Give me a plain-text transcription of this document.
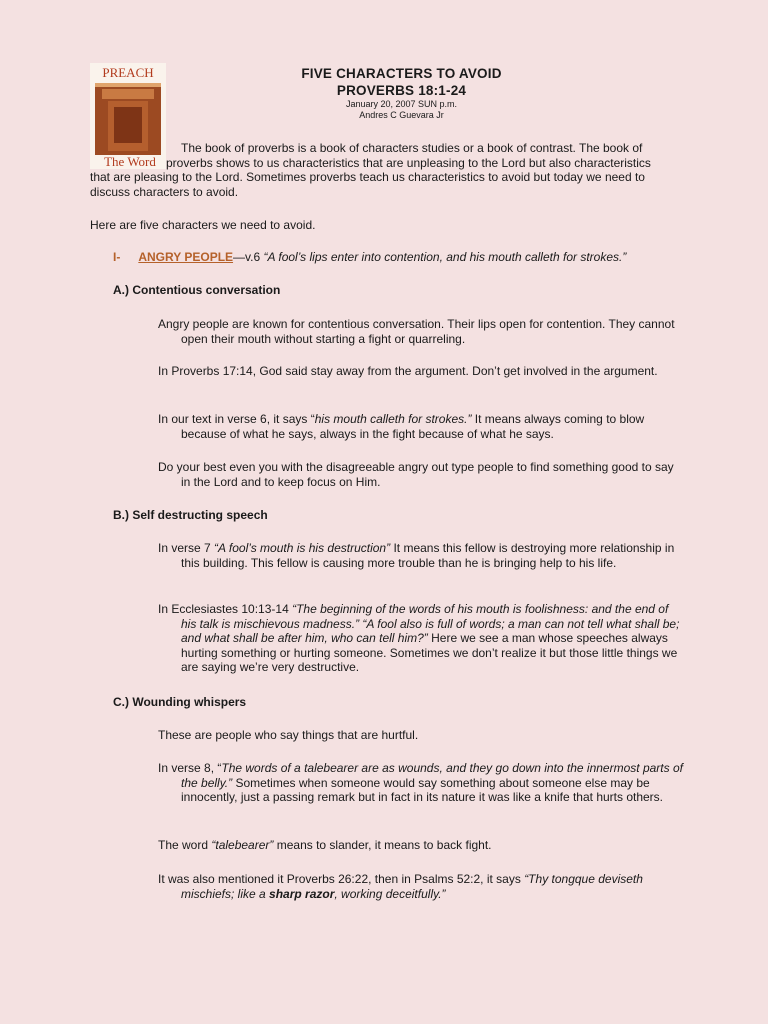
PREACH
The Word
FIVE CHARACTERS TO AVOID
PROVERBS 18:1-24
January 20, 2007 SUN p.m.
Andres C Guevara Jr
The book of proverbs is a book of characters studies or a book of contrast. The book of
proverbs shows to us characteristics that are unpleasing to the Lord but also characteristics
that are pleasing to the Lord. Sometimes proverbs teach us characteristics to avoid but today we need to discuss characters to avoid.
Here are five characters we need to avoid.
I- ANGRY PEOPLE—v.6 “A fool’s lips enter into contention, and his mouth calleth for strokes.”
A.) Contentious conversation
Angry people are known for contentious conversation. Their lips open for contention. They cannot open their mouth without starting a fight or quarreling.
In Proverbs 17:14, God said stay away from the argument. Don’t get involved in the argument.
In our text in verse 6, it says “his mouth calleth for strokes.” It means always coming to blow because of what he says, always in the fight because of what he says.
Do your best even you with the disagreeable angry out type people to find something good to say in the Lord and to keep focus on Him.
B.) Self destructing speech
In verse 7 “A fool’s mouth is his destruction” It means this fellow is destroying more relationship in this building. This fellow is causing more trouble than he is bringing help to his life.
In Ecclesiastes 10:13-14 “The beginning of the words of his mouth is foolishness: and the end of his talk is mischievous madness.” “A fool also is full of words; a man can not tell what shall be; and what shall be after him, who can tell him?” Here we see a man whose speeches always hurting something or hurting someone. Sometimes we don’t realize it but those little things we are saying we’re very destructive.
C.) Wounding whispers
These are people who say things that are hurtful.
In verse 8, “The words of a talebearer are as wounds, and they go down into the innermost parts of the belly.” Sometimes when someone would say something about someone else may be innocently, just a passing remark but in fact in its nature it was like a knife that hurts others.
The word “talebearer” means to slander, it means to back fight.
It was also mentioned it Proverbs 26:22, then in Psalms 52:2, it says “Thy tongque deviseth mischiefs; like a sharp razor, working deceitfully.”
